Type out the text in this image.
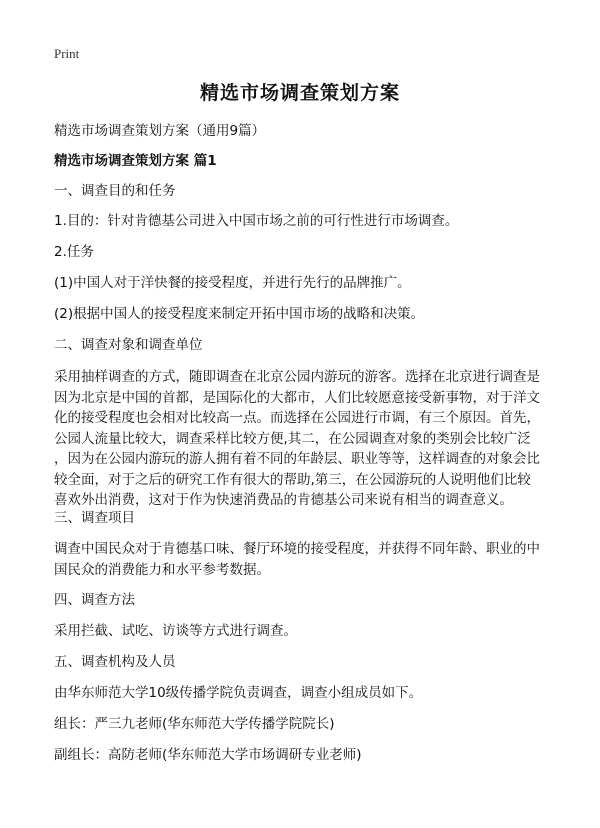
Print
精选市场调查策划方案
精选市场调查策划方案（通用9篇）
精选市场调查策划方案 篇1
一、调查目的和任务
1.目的：针对肯德基公司进入中国市场之前的可行性进行市场调查。
2.任务
(1)中国人对于洋快餐的接受程度，并进行先行的品牌推广。
(2)根据中国人的接受程度来制定开拓中国市场的战略和决策。
二、调查对象和调查单位
采用抽样调查的方式，随即调查在北京公园内游玩的游客。选择在北京进行调查是
因为北京是中国的首都，是国际化的大都市，人们比较愿意接受新事物，对于洋文
化的接受程度也会相对比较高一点。而选择在公园进行市调，有三个原因。首先，
公园人流量比较大，调查采样比较方便,其二，在公园调查对象的类别会比较广泛
，因为在公园内游玩的游人拥有着不同的年龄层、职业等等，这样调查的对象会比
较全面，对于之后的研究工作有很大的帮助,第三，在公园游玩的人说明他们比较
喜欢外出消费，这对于作为快速消费品的肯德基公司来说有相当的调查意义。
三、调查项目
调查中国民众对于肯德基口味、餐厅环境的接受程度，并获得不同年龄、职业的中
国民众的消费能力和水平参考数据。
四、调查方法
采用拦截、试吃、访谈等方式进行调查。
五、调查机构及人员
由华东师范大学10级传播学院负责调查，调查小组成员如下。
组长：严三九老师(华东师范大学传播学院院长)
副组长：高防老师(华东师范大学市场调研专业老师)
